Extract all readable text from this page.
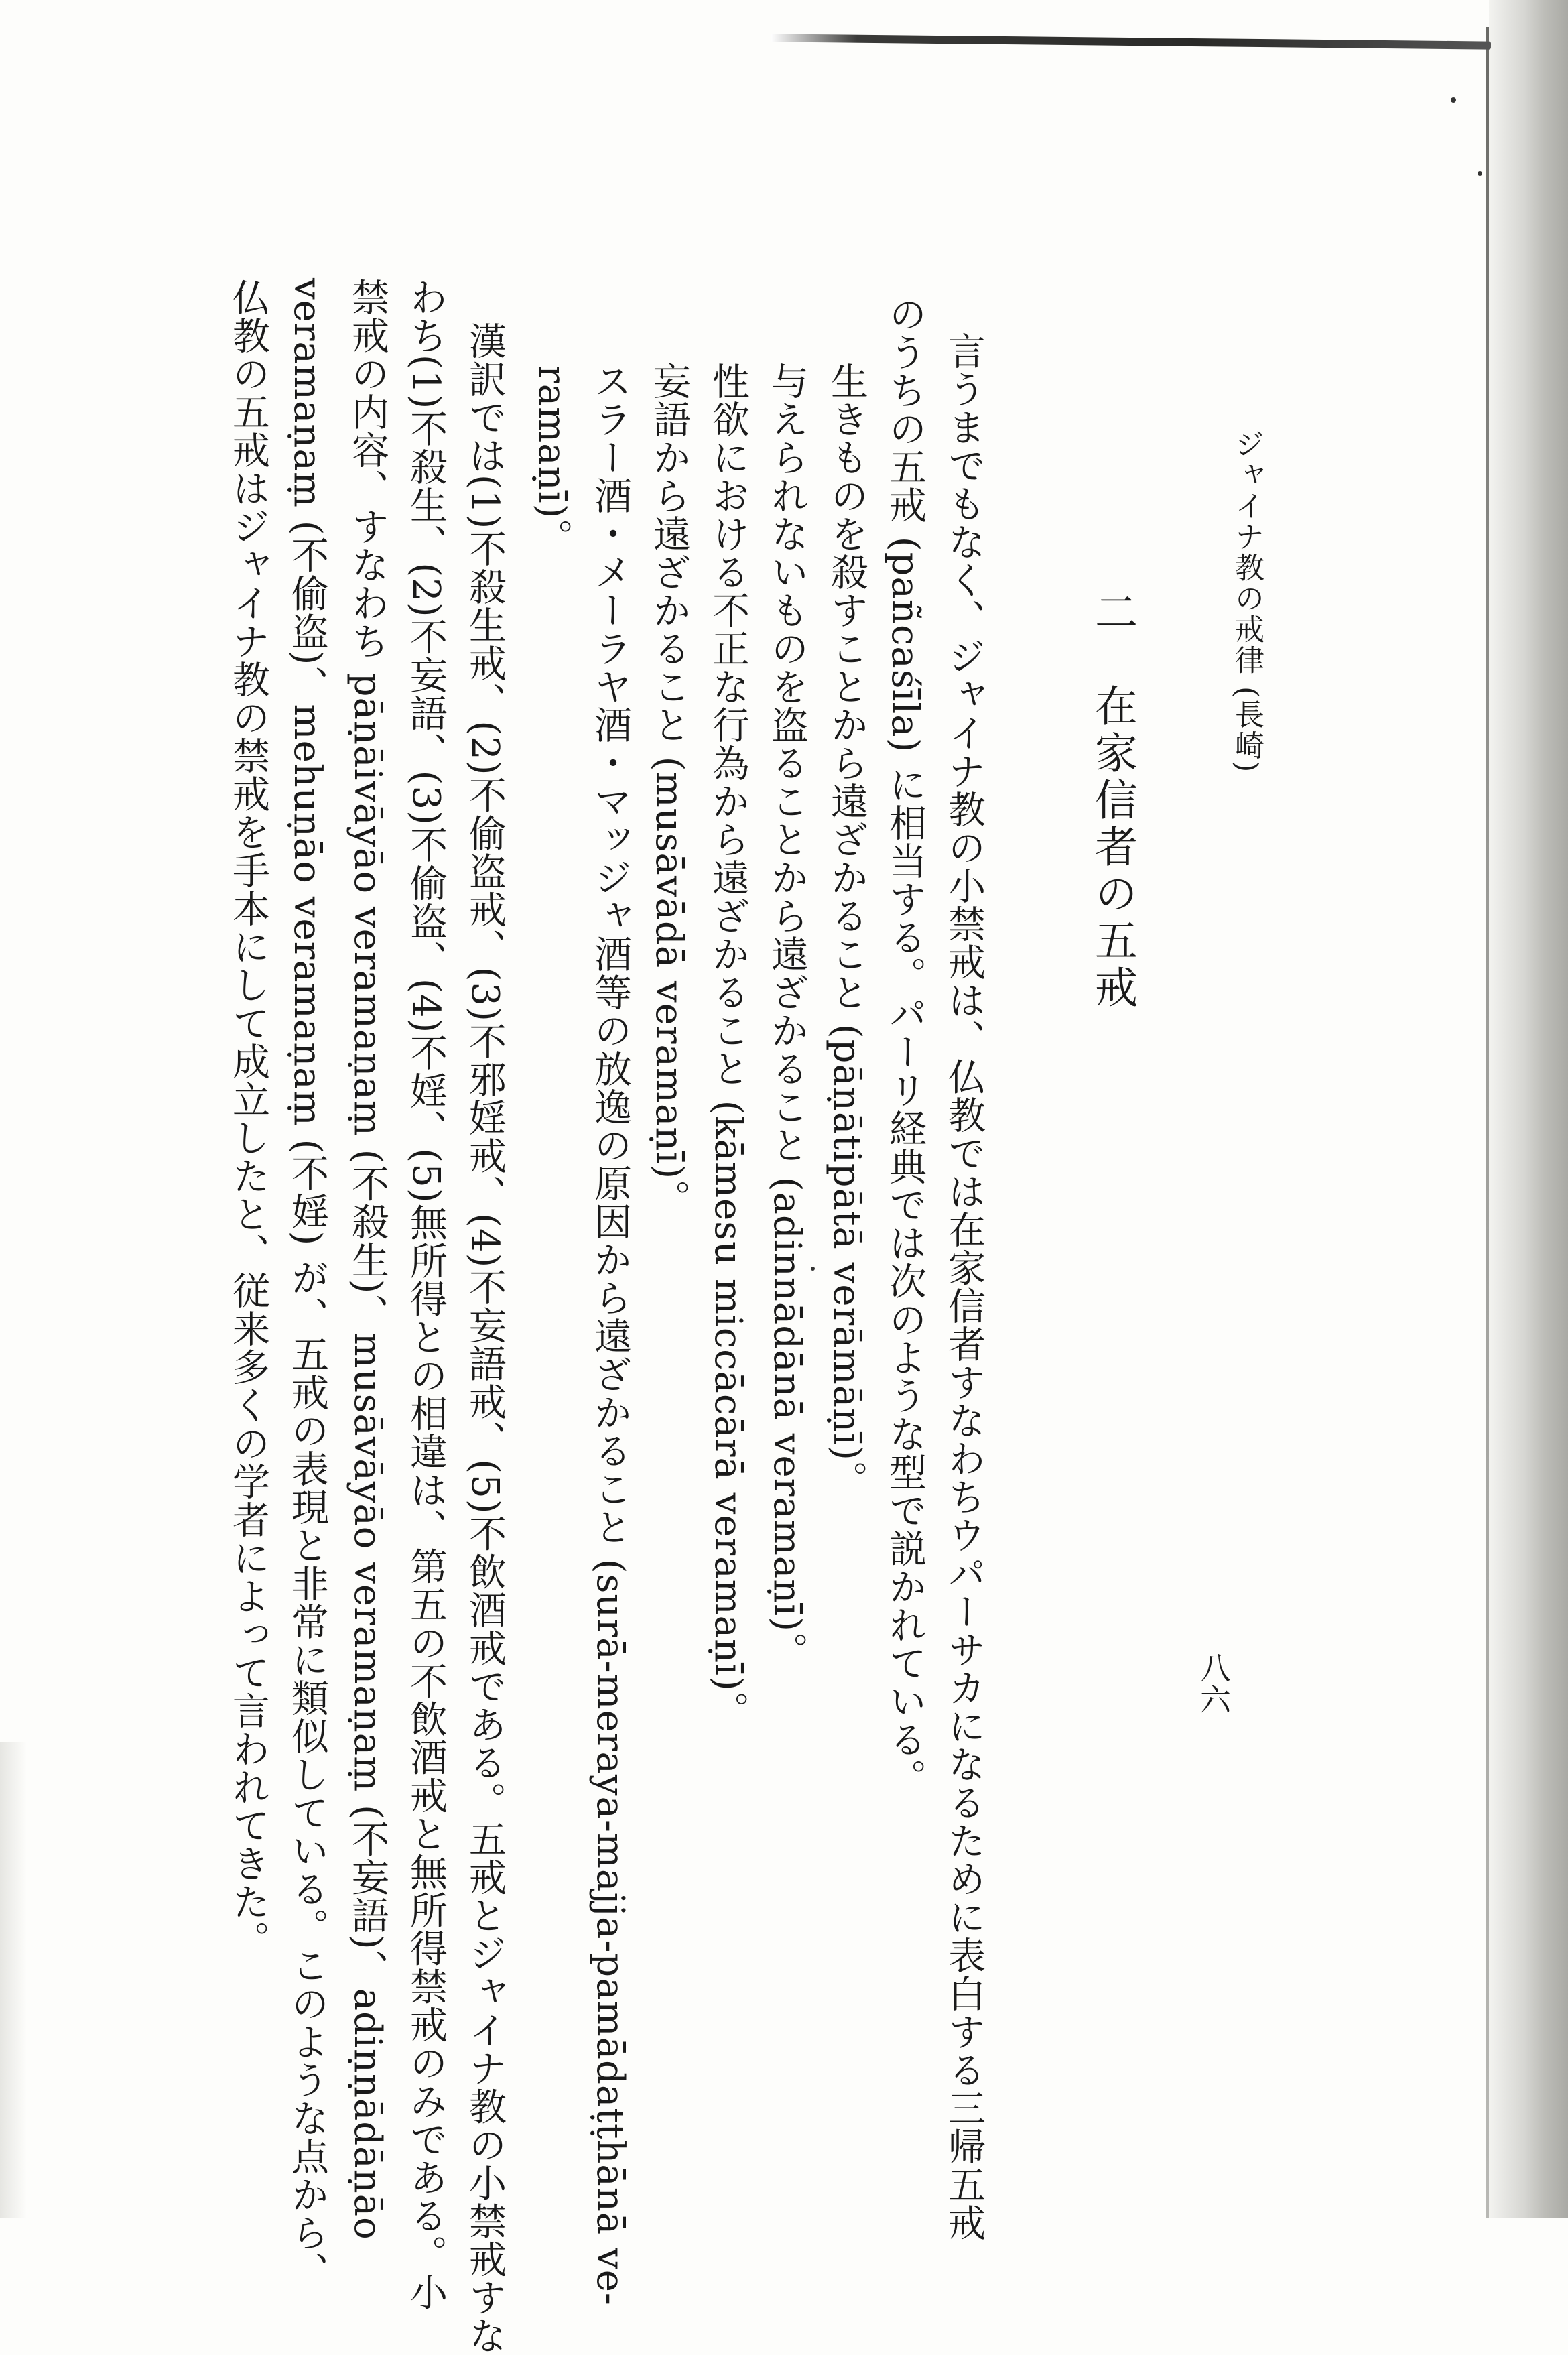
ジャイナ教の戒律 (長崎)
八六
二　在家信者の五戒
言うまでもなく、ジャイナ教の小禁戒は、仏教では在家信者すなわちウパーサカになるために表白する三帰五戒
のうちの五戒 (pañcaśīla) に相当する。パーリ経典では次のような型で説かれている。
生きものを殺すことから遠ざかること (pāṇātipātā verāmāṇī)。
与えられないものを盗ることから遠ざかること (adinnādānā veramaṇī)。
性欲における不正な行為から遠ざかること (kāmesu miccācārā veramaṇī)。
妄語から遠ざかること (musāvādā veramaṇī)。
スラー酒・メーラヤ酒・マッジャ酒等の放逸の原因から遠ざかること (surā-meraya-majja-pamādaṭṭhānā ve-
ramaṇī)。
漢訳では(1)不殺生戒、(2)不偷盗戒、(3)不邪婬戒、(4)不妄語戒、(5)不飲酒戒である。五戒とジャイナ教の小禁戒すな
わち(1)不殺生、(2)不妄語、(3)不偷盗、(4)不婬、(5)無所得との相違は、第五の不飲酒戒と無所得禁戒のみである。小
禁戒の内容、すなわち pāṇāivāyāo veramaṇaṃ (不殺生)、musāvāyāo veramaṇaṃ (不妄語)、adiṇṇādāṇāo
veramaṇaṃ (不偷盗)、mehuṇāo veramaṇaṃ (不婬) が、五戒の表現と非常に類似している。このような点から、
仏教の五戒はジャイナ教の禁戒を手本にして成立したと、従来多くの学者によって言われてきた。
